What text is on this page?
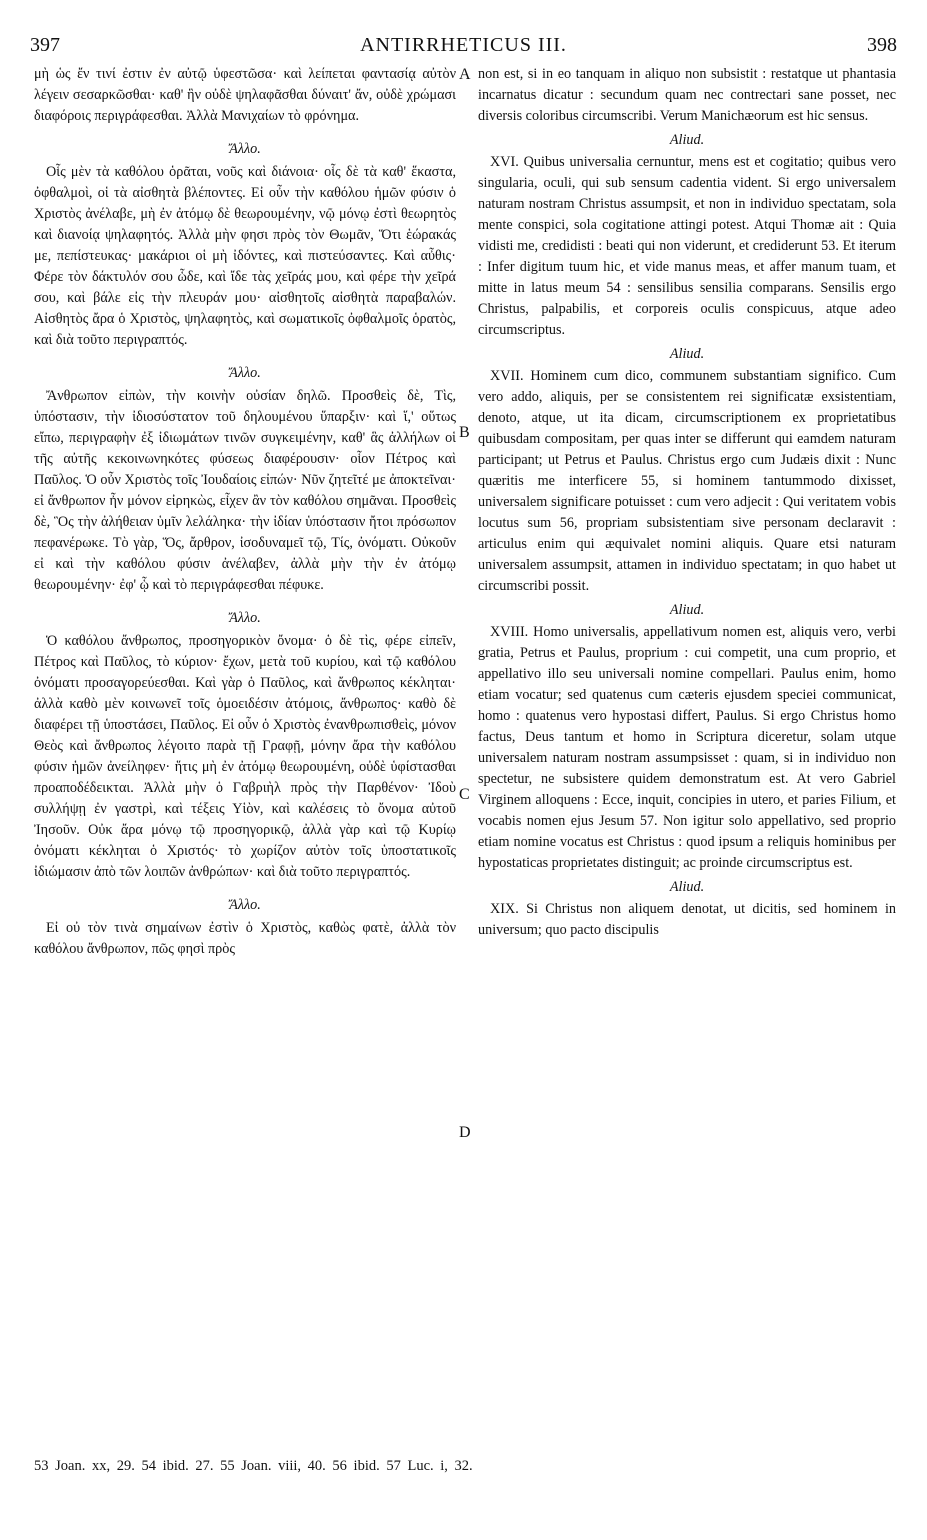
397	ANTIRRHETICUS III.	398

μὴ ὡς ἔν τινί ἐστιν ἐν αὐτῷ ὑφεστῶσα· καὶ λείπεται φαντασίᾳ αὐτὸν λέγειν σεσαρκῶσθαι· καθ' ἣν οὐδὲ ψηλαφᾶσθαι δύναιτ' ἄν, οὐδὲ χρώμασι διαφόροις περιγράφεσθαι. Ἀλλὰ Μανιχαίων τὸ φρόνημα.

Ἄλλο.

Οἷς μὲν τὰ καθόλου ὁρᾶται, νοῦς καὶ διάνοια· οἷς δὲ τὰ καθ' ἕκαστα, ὀφθαλμοὶ, οἱ τὰ αἰσθητὰ βλέποντες. Εἰ οὖν τὴν καθόλου ἡμῶν φύσιν ὁ Χριστὸς ἀνέλαβε, μὴ ἐν ἀτόμῳ δὲ θεωρουμένην, νῷ μόνῳ ἐστὶ θεωρητὸς καὶ διανοίᾳ ψηλαφητός. Ἀλλὰ μὴν φησι πρὸς τὸν Θωμᾶν, Ὅτι ἑώρακάς με, πεπίστευκας· μακάριοι οἱ μὴ ἰδόντες, καὶ πιστεύσαντες. Καὶ αὖθις· Φέρε τὸν δάκτυλόν σου ὧδε, καὶ ἴδε τὰς χεῖράς μου, καὶ φέρε τὴν χεῖρά σου, καὶ βάλε εἰς τὴν πλευράν μου· αἰσθητοῖς αἰσθητὰ παραβαλών. Αἰσθητὸς ἄρα ὁ Χριστὸς, ψηλαφητὸς, καὶ σωματικοῖς ὀφθαλμοῖς ὁρατὸς, καὶ διὰ τοῦτο περιγραπτός.

Ἄλλο.

Ἄνθρωπον εἰπὼν, τὴν κοινὴν οὐσίαν δηλῶ. Προσθεὶς δὲ, Τὶς, ὑπόστασιν, τὴν ἰδιοσύστατον τοῦ δηλουμένου ὕπαρξιν· καὶ ἵ,' οὕτως εἴπω, περιγραφὴν ἐξ ἰδιωμάτων τινῶν συγκειμένην, καθ' ἃς ἀλλήλων οἱ τῆς αὐτῆς κεκοινωνηκότες φύσεως διαφέρουσιν· οἷον Πέτρος καὶ Παῦλος. Ὁ οὖν Χριστὸς τοῖς Ἰουδαίοις εἰπών· Νῦν ζητεῖτέ με ἀποκτεῖναι· εἰ ἄνθρωπον ἦν μόνον εἰρηκὼς, εἶχεν ἂν τὸν καθόλου σημᾶναι. Προσθεὶς δὲ, Ὃς τὴν ἀλήθειαν ὑμῖν λελάληκα· τὴν ἰδίαν ὑπόστασιν ἤτοι πρόσωπον πεφανέρωκε. Τὸ γὰρ, Ὅς, ἄρθρον, ἰσοδυναμεῖ τῷ, Τίς, ὀνόματι. Οὐκοῦν εἰ καὶ τὴν καθόλου φύσιν ἀνέλαβεν, ἀλλὰ μὴν τὴν ἐν ἀτόμῳ θεωρουμένην· ἐφ' ᾧ καὶ τὸ περιγράφεσθαι πέφυκε.

Ἄλλο.

Ὁ καθόλου ἄνθρωπος, προσηγορικὸν ὄνομα· ὁ δὲ τὶς, φέρε εἰπεῖν, Πέτρος καὶ Παῦλος, τὸ κύριον· ἔχων, μετὰ τοῦ κυρίου, καὶ τῷ καθόλου ὀνόματι προσαγορεύεσθαι. Καὶ γὰρ ὁ Παῦλος, καὶ ἄνθρωπος κέκληται· ἀλλὰ καθὸ μὲν κοινωνεῖ τοῖς ὁμοειδέσιν ἀτόμοις, ἄνθρωπος· καθὸ δὲ διαφέρει τῇ ὑποστάσει, Παῦλος. Εἰ οὖν ὁ Χριστὸς ἐνανθρωπισθεὶς, μόνον Θεὸς καὶ ἄνθρωπος λέγοιτο παρὰ τῇ Γραφῇ, μόνην ἄρα τὴν καθόλου φύσιν ἡμῶν ἀνείληφεν· ἥτις μὴ ἐν ἀτόμῳ θεωρουμένη, οὐδὲ ὑφίστασθαι προαποδέδεικται. Ἀλλὰ μὴν ὁ Γαβριὴλ πρὸς τὴν Παρθένον· Ἰδοὺ συλλήψῃ ἐν γαστρὶ, καὶ τέξεις Υἱὸν, καὶ καλέσεις τὸ ὄνομα αὐτοῦ Ἰησοῦν. Οὐκ ἄρα μόνῳ τῷ προσηγορικῷ, ἀλλὰ γὰρ καὶ τῷ Κυρίῳ ὀνόματι κέκληται ὁ Χριστός· τὸ χωρίζον αὐτὸν τοῖς ὑποστατικοῖς ἰδιώμασιν ἀπὸ τῶν λοιπῶν ἀνθρώπων· καὶ διὰ τοῦτο περιγραπτός.

Ἄλλο.

Εἰ οὐ τὸν τινὰ σημαίνων ἐστὶν ὁ Χριστὸς, καθὼς φατὲ, ἀλλὰ τὸν καθόλου ἄνθρωπον, πῶς φησὶ πρὸς

A
B
C
D

non est, si in eo tanquam in aliquo non subsistit : restatque ut phantasia incarnatus dicatur : secundum quam nec contrectari sane posset, nec diversis coloribus circumscribi. Verum Manichæorum est hic sensus.

Aliud.

XVI. Quibus universalia cernuntur, mens est et cogitatio; quibus vero singularia, oculi, qui sub sensum cadentia vident. Si ergo universalem naturam nostram Christus assumpsit, et non in individuo spectatam, sola mente conspici, sola cogitatione attingi potest. Atqui Thomæ ait : Quia vidisti me, credidisti : beati qui non viderunt, et crediderunt 53. Et iterum : Infer digitum tuum hic, et vide manus meas, et affer manum tuam, et mitte in latus meum 54 : sensilibus sensilia comparans. Sensilis ergo Christus, palpabilis, et corporeis oculis conspicuus, atque adeo circumscriptus.

Aliud.

XVII. Hominem cum dico, communem substantiam significo. Cum vero addo, aliquis, per se consistentem rei significatæ exsistentiam, denoto, atque, ut ita dicam, circumscriptionem ex proprietatibus quibusdam compositam, per quas inter se differunt qui eamdem naturam participant; ut Petrus et Paulus. Christus ergo cum Judæis dixit : Nunc quæritis me interficere 55, si hominem tantummodo dixisset, universalem significare potuisset : cum vero adjecit : Qui veritatem vobis locutus sum 56, propriam subsistentiam sive personam declaravit : articulus enim qui æquivalet nomini aliquis. Quare etsi naturam universalem assumpsit, attamen in individuo spectatam; in quo habet ut circumscribi possit.

Aliud.

XVIII. Homo universalis, appellativum nomen est, aliquis vero, verbi gratia, Petrus et Paulus, proprium : cui competit, una cum proprio, et appellativo illo seu universali nomine compellari. Paulus enim, homo etiam vocatur; sed quatenus cum cæteris ejusdem speciei communicat, homo : quatenus vero hypostasi differt, Paulus. Si ergo Christus homo factus, Deus tantum et homo in Scriptura diceretur, solam utque universalem naturam nostram assumpsisset : quam, si in individuo non spectetur, ne subsistere quidem demonstratum est. At vero Gabriel Virginem alloquens : Ecce, inquit, concipies in utero, et paries Filium, et vocabis nomen ejus Jesum 57. Non igitur solo appellativo, sed proprio etiam nomine vocatus est Christus : quod ipsum a reliquis hominibus per hypostaticas proprietates distinguit; ac proinde circumscriptus est.

Aliud.

XIX. Si Christus non aliquem denotat, ut dicitis, sed hominem in universum; quo pacto discipulis

53 Joan. xx, 29. 54 ibid. 27. 55 Joan. viii, 40. 56 ibid. 57 Luc. i, 32.
